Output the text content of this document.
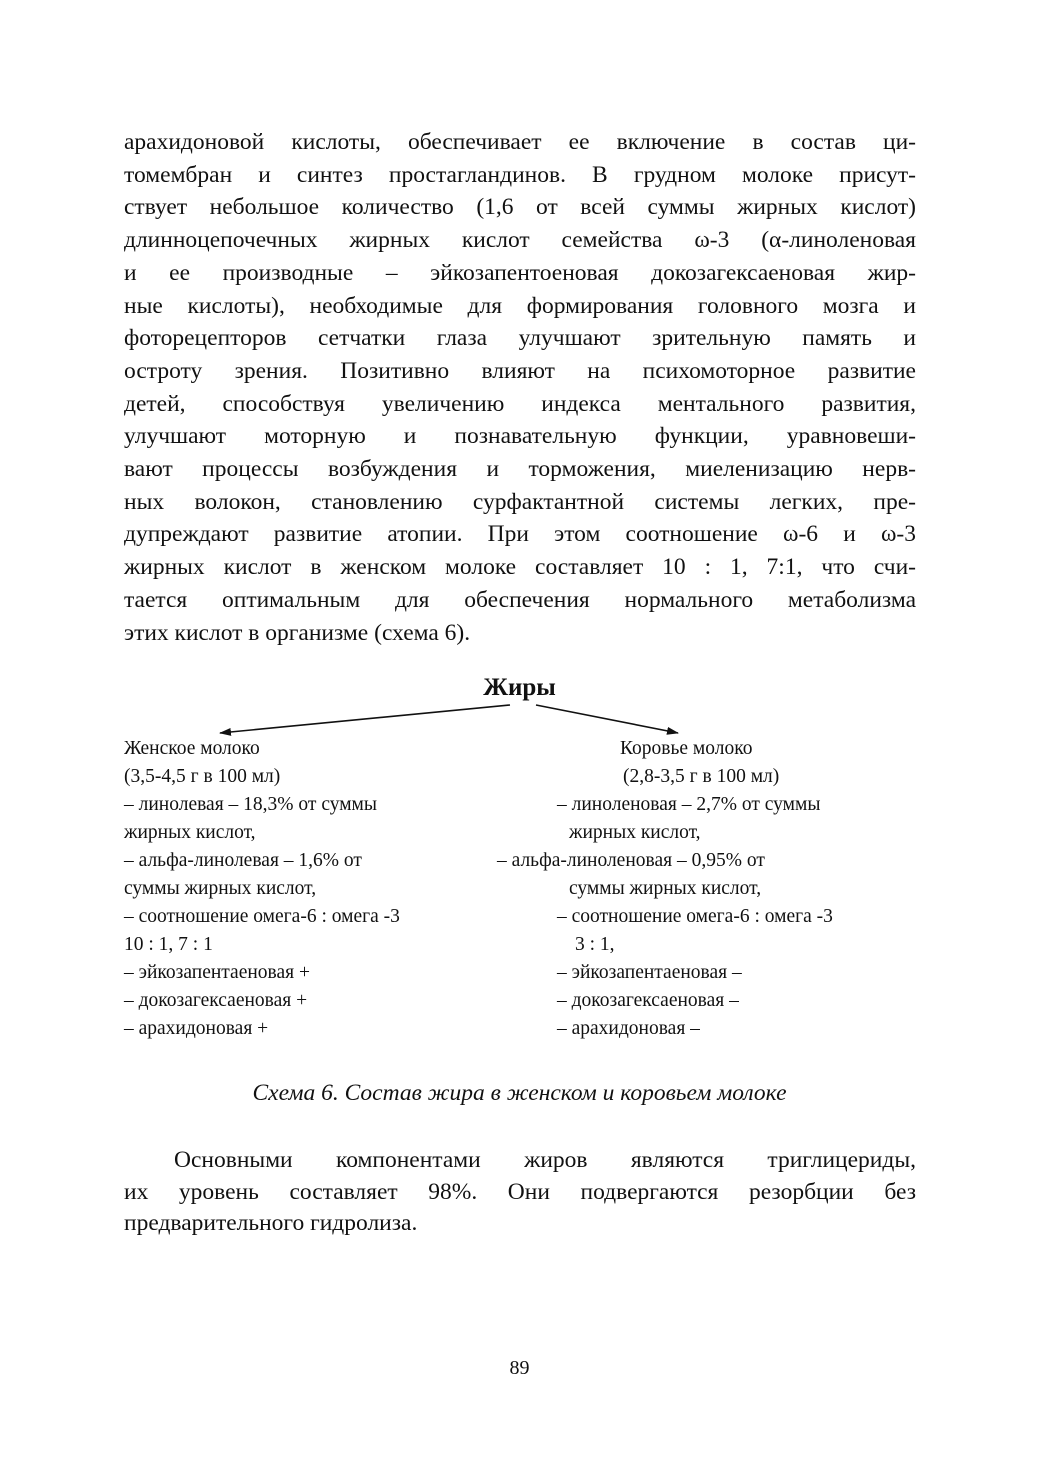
арахидоновой кислоты, обеспечивает ее включение в состав ци-
томембран и синтез простагландинов. В грудном молоке присут-
ствует небольшое количество (1,6 от всей суммы жирных кислот)
длинноцепочечных жирных кислот семейства ω-3 (α-линоленовая
и ее производные – эйкозапентоеновая докозагексаеновая жир-
ные кислоты), необходимые для формирования головного мозга и
фоторецепторов сетчатки глаза улучшают зрительную память и
остроту зрения. Позитивно влияют на психомоторное развитие
детей, способствуя увеличению индекса ментального развития,
улучшают моторную и познавательную функции, уравновеши-
вают процессы возбуждения и торможения, миеленизацию нерв-
ных волокон, становлению сурфактантной системы легких, пре-
дупреждают развитие атопии. При этом соотношение ω-6 и ω-3
жирных кислот в женском молоке составляет 10 : 1, 7:1, что счи-
тается оптимальным для обеспечения нормального метаболизма
этих кислот в организме (схема 6).
Жиры
Женское молоко
(3,5-4,5 г в 100 мл)
– линолевая – 18,3% от суммы
жирных кислот,
– альфа-линолевая – 1,6% от
суммы жирных кислот,
– соотношение омега-6 : омега -3
10 : 1, 7 : 1
– эйкозапентаеновая +
– докозагексаеновая +
– арахидоновая +
Коровье молоко
(2,8-3,5 г в 100 мл)
– линоленовая – 2,7% от суммы
жирных кислот,
– альфа-линоленовая – 0,95% от
суммы жирных кислот,
– соотношение омега-6 : омега -3
3 : 1,
– эйкозапентаеновая –
– докозагексаеновая –
– арахидоновая –
Схема 6. Состав жира в женском и коровьем молоке
Основными компонентами жиров являются триглицериды,
их уровень составляет 98%. Они подвергаются резорбции без
предварительного гидролиза.
89
